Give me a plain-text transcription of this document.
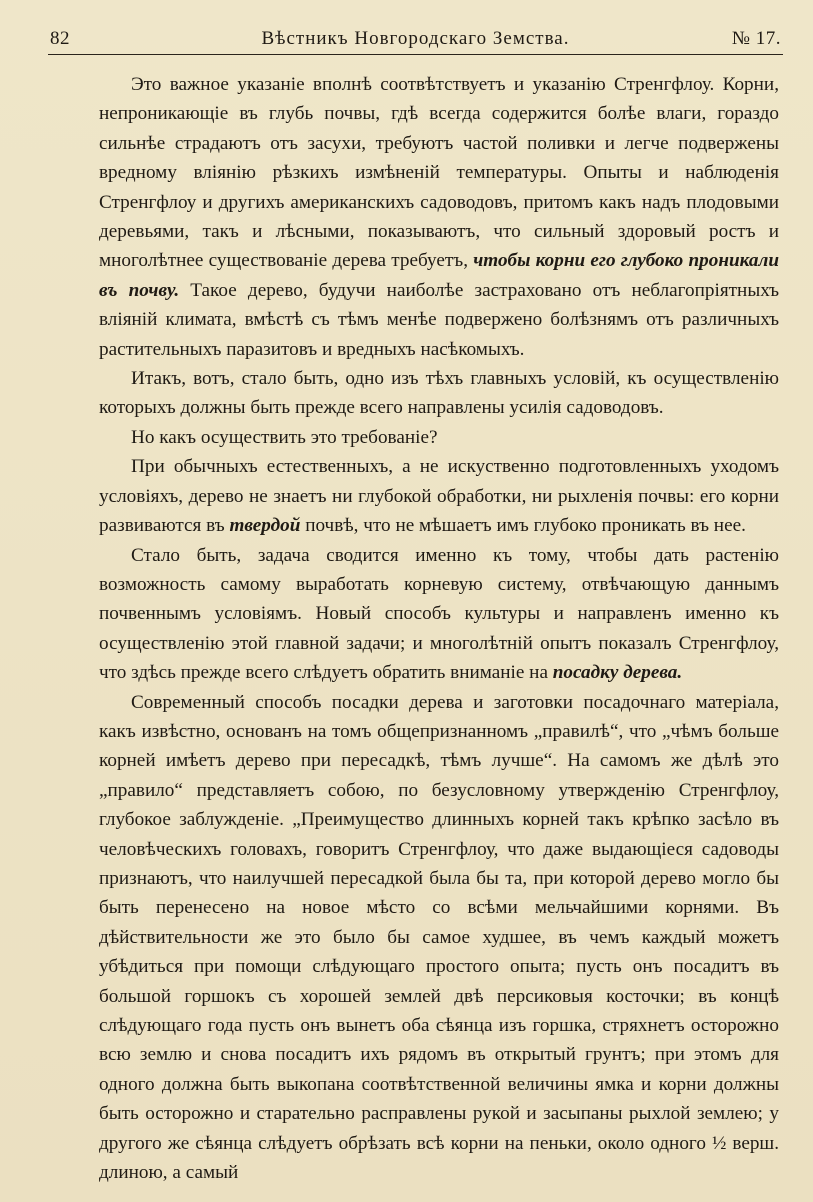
82	Вѣстникъ Новгородскаго Земства.	№ 17.

Это важное указаніе вполнѣ соотвѣтствуетъ и указанію Стренгфлоу. Корни, непроникающіе въ глубь почвы, гдѣ всегда содержится болѣе влаги, гораздо сильнѣе страдаютъ отъ засухи, требуютъ частой поливки и легче подвержены вредному вліянію рѣзкихъ измѣненій температуры. Опыты и наблюденія Стренгфлоу и другихъ американскихъ садоводовъ, притомъ какъ надъ плодовыми деревьями, такъ и лѣсными, показываютъ, что сильный здоровый ростъ и многолѣтнее существованіе дерева требуетъ, чтобы корни его глубоко проникали въ почву. Такое дерево, будучи наиболѣе застраховано отъ неблагопріятныхъ вліяній климата, вмѣстѣ съ тѣмъ менѣе подвержено болѣзнямъ отъ различныхъ растительныхъ паразитовъ и вредныхъ насѣкомыхъ.

Итакъ, вотъ, стало быть, одно изъ тѣхъ главныхъ условій, къ осуществленію которыхъ должны быть прежде всего направлены усилія садоводовъ.

Но какъ осуществить это требованіе?

При обычныхъ естественныхъ, а не искуственно подготовленныхъ уходомъ условіяхъ, дерево не знаетъ ни глубокой обработки, ни рыхленія почвы: его корни развиваются въ твердой почвѣ, что не мѣшаетъ имъ глубоко проникать въ нее.

Стало быть, задача сводится именно къ тому, чтобы дать растенію возможность самому выработать корневую систему, отвѣчающую даннымъ почвеннымъ условіямъ. Новый способъ культуры и направленъ именно къ осуществленію этой главной задачи; и многолѣтній опытъ показалъ Стренгфлоу, что здѣсь прежде всего слѣдуетъ обратить вниманіе на посадку дерева.

Современный способъ посадки дерева и заготовки посадочнаго матеріала, какъ извѣстно, основанъ на томъ общепризнанномъ „правилѣ“, что „чѣмъ больше корней имѣетъ дерево при пересадкѣ, тѣмъ лучше“. На самомъ же дѣлѣ это „правило“ представляетъ собою, по безусловному утвержденію Стренгфлоу, глубокое заблужденіе. „Преимущество длинныхъ корней такъ крѣпко засѣло въ человѣческихъ головахъ, говоритъ Стренгфлоу, что даже выдающіеся садоводы признаютъ, что наилучшей пересадкой была бы та, при которой дерево могло бы быть перенесено на новое мѣсто со всѣми мельчайшими корнями. Въ дѣйствительности же это было бы самое худшее, въ чемъ каждый можетъ убѣдиться при помощи слѣдующаго простого опыта; пусть онъ посадитъ въ большой горшокъ съ хорошей землей двѣ персиковыя косточки; въ концѣ слѣдующаго года пусть онъ вынетъ оба сѣянца изъ горшка, стряхнетъ осторожно всю землю и снова посадитъ ихъ рядомъ въ открытый грунтъ; при этомъ для одного должна быть выкопана соотвѣтственной величины ямка и корни должны быть осторожно и старательно расправлены рукой и засыпаны рыхлой землею; у другого же сѣянца слѣдуетъ обрѣзать всѣ корни на пеньки, около одного ½ верш. длиною, а самый
